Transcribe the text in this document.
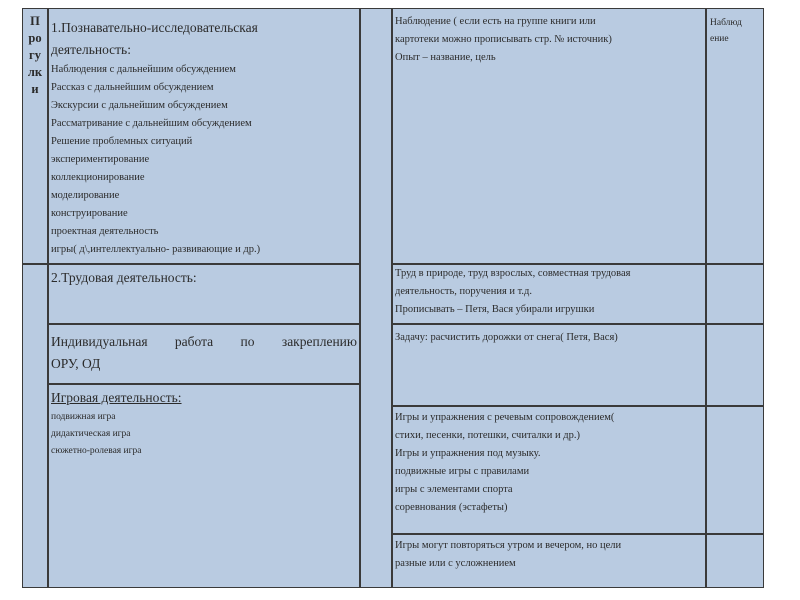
П
ро
гу
лк
и

1.Познавательно-исследовательская

деятельность:

Наблюдения с дальнейшим обсуждением

Рассказ с дальнейшим обсуждением

Экскурсии с дальнейшим обсуждением

Рассматривание с дальнейшим обсуждением

Решение проблемных ситуаций

экспериментирование

коллекционирование

моделирование

конструирование

проектная деятельность

игры( д\,интеллектуально- развивающие и др.)

2.Трудовая деятельность:

Индивидуальная работа по закреплению

ОРУ, ОД

Игровая деятельность:

подвижная игра

дидактическая игра

сюжетно-ролевая игра

Наблюдение ( если есть на группе книги или

картотеки можно прописывать стр. № источник)

Опыт – название, цель

Труд в природе, труд взрослых, совместная трудовая

деятельность, поручения и т.д.

Прописывать – Петя, Вася убирали игрушки

Задачу: расчистить дорожки от снега( Петя, Вася)

Игры и упражнения с речевым сопровождением(

стихи, песенки, потешки, считалки и др.)

Игры и упражнения под музыку.

подвижные игры с правилами

игры с элементами спорта

соревнования (эстафеты)

Игры могут повторяться утром и вечером, но цели

разные или с усложнением

Наблюд

ение
